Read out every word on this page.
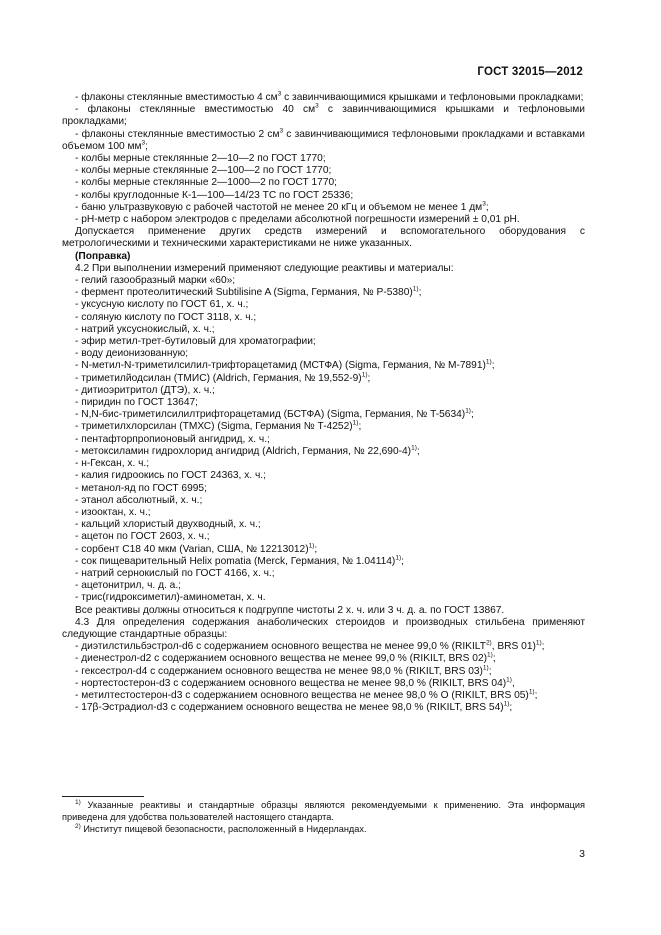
ГОСТ 32015—2012

- флаконы стеклянные вместимостью 4 $см^3$ с завинчивающимися крышками и тефлоновыми прокладками;

- флаконы стеклянные вместимостью 40 $см^3$ с завинчивающимися крышками и тефлоновыми прокладками;

- флаконы стеклянные вместимостью 2 $см^3$ с завинчивающимися тефлоновыми прокладками и вставками объемом 100 $мм^3$;

- колбы мерные стеклянные 2—10—2 по ГОСТ 1770;

- колбы мерные стеклянные 2—100—2 по ГОСТ 1770;

- колбы мерные стеклянные 2—1000—2 по ГОСТ 1770;

- колбы круглодонные К-1—100—14/23 ТС по ГОСТ 25336;

- баню ультразвуковую с рабочей частотой не менее 20 кГц и объемом не менее 1 $дм^3$;

- pH-метр с набором электродов с пределами абсолютной погрешности измерений ± 0,01 pH.

Допускается применение других средств измерений и вспомогательного оборудования с метрологическими и техническими характеристиками не ниже указанных.

(Поправка)

4.2 При выполнении измерений применяют следующие реактивы и материалы:

- гелий газообразный марки «60»;

- фермент протеолитический Subtilisine A (Sigma, Германия, № P-5380)$^{1)}$;

- уксусную кислоту по ГОСТ 61, х. ч.;

- соляную кислоту по ГОСТ 3118, х. ч.;

- натрий уксуснокислый, х. ч.;

- эфир метил-трет-бутиловый для хроматографии;

- воду деионизованную;

- N-метил-N-триметилсилил-трифторацетамид (МСТФА) (Sigma, Германия, № M-7891)$^{1)}$;

- триметилйодсилан (ТМИС) (Aldrich, Германия, № 19,552-9)$^{1)}$;

- дитиоэритритол (ДТЭ), х. ч.;

- пиридин по ГОСТ 13647;

- N,N-бис-триметилсилилтрифторацетамид (БСТФА) (Sigma, Германия, № T-5634)$^{1)}$;

- триметилхлорсилан (ТМХС) (Sigma, Германия № T-4252)$^{1)}$;

- пентафторпропионовый ангидрид, х. ч.;

- метоксиламин гидрохлорид ангидрид (Aldrich, Германия, № 22,690-4)$^{1)}$;

- н-Гексан, х. ч.;

- калия гидроокись по ГОСТ 24363, х. ч.;

- метанол-яд по ГОСТ 6995;

- этанол абсолютный, х. ч.;

- изооктан, х. ч.;

- кальций хлористый двухводный, х. ч.;

- ацетон по ГОСТ 2603, х. ч.;

- сорбент C18 40 мкм (Varian, США, № 12213012)$^{1)}$;

- сок пищеварительный Helix pomatia (Merck, Германия, № 1.04114)$^{1)}$;

- натрий сернокислый по ГОСТ 4166, х. ч.;

- ацетонитрил, ч. д. а.;

- трис(гидроксиметил)-аминометан, х. ч.

Все реактивы должны относиться к подгруппе чистоты 2 х. ч. или 3 ч. д. а. по ГОСТ 13867.

4.3 Для определения содержания анаболических стероидов и производных стильбена применяют следующие стандартные образцы:

- диэтилстильбэстрол-d6 с содержанием основного вещества не менее 99,0 % (RIKILT$^{2)}$, BRS 01)$^{1)}$;

- диенестрол-d2 с содержанием основного вещества не менее 99,0 % (RIKILT, BRS 02)$^{1)}$;

- гексестрол-d4 с содержанием основного вещества не менее 98,0 % (RIKILT, BRS 03)$^{1)}$;

- нортестостерон-d3 с содержанием основного вещества не менее 98,0 % (RIKILT, BRS 04)$^{1)}$,

- метилтестостерон-d3 с содержанием основного вещества не менее 98,0 % О (RIKILT, BRS 05)$^{1)}$;

- 17β-Эстрадиол-d3 с содержанием основного вещества не менее 98,0 % (RIKILT, BRS 54)$^{1)}$;

$^{1)}$ Указанные реактивы и стандартные образцы являются рекомендуемыми к применению. Эта информация приведена для удобства пользователей настоящего стандарта.

$^{2)}$ Институт пищевой безопасности, расположенный в Нидерландах.

3
